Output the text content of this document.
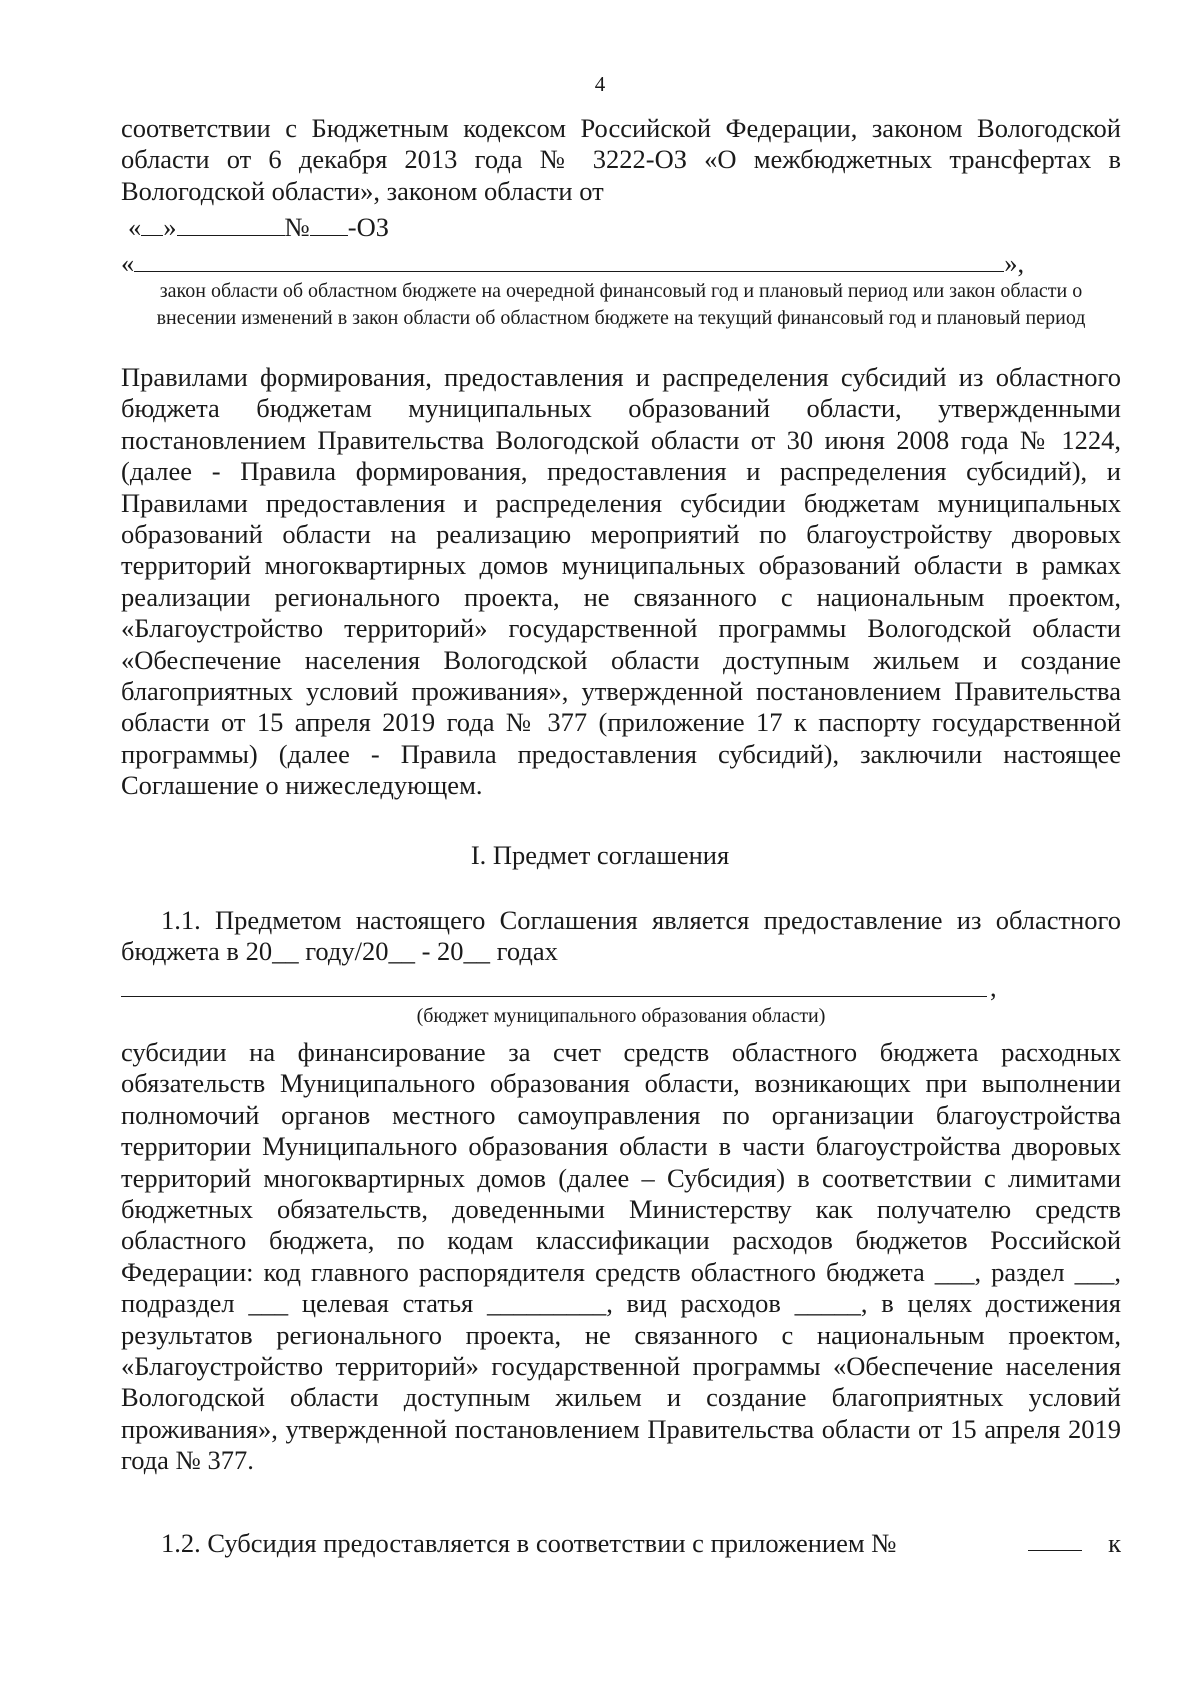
4

соответствии с Бюджетным кодексом Российской Федерации, законом Вологодской области от 6 декабря 2013 года № 3222-ОЗ «О межбюджетных трансфертах в Вологодской области», законом области от

« »	№ -ОЗ
«	»,

закон области об областном бюджете на очередной финансовый год и плановый период или закон области о внесении изменений в закон области об областном бюджете на текущий финансовый год и плановый период

Правилами формирования, предоставления и распределения субсидий из областного бюджета бюджетам муниципальных образований области, утвержденными постановлением Правительства Вологодской области от 30 июня 2008 года № 1224, (далее - Правила формирования, предоставления и распределения субсидий), и Правилами предоставления и распределения субсидии бюджетам муниципальных образований области на реализацию мероприятий по благоустройству дворовых территорий многоквартирных домов муниципальных образований области в рамках реализации регионального проекта, не связанного с национальным проектом, «Благоустройство территорий» государственной программы Вологодской области «Обеспечение населения Вологодской области доступным жильем и создание благоприятных условий проживания», утвержденной постановлением Правительства области от 15 апреля 2019 года № 377 (приложение 17 к паспорту государственной программы) (далее - Правила предоставления субсидий), заключили настоящее Соглашение о нижеследующем.

I. Предмет соглашения

1.1. Предметом настоящего Соглашения является предоставление из областного бюджета в 20__ году/20__ - 20__ годах

,

(бюджет муниципального образования области)

субсидии на финансирование за счет средств областного бюджета расходных обязательств Муниципального образования области, возникающих при выполнении полномочий органов местного самоуправления по организации благоустройства территории Муниципального образования области в части благоустройства дворовых территорий многоквартирных домов (далее – Субсидия) в соответствии с лимитами бюджетных обязательств, доведенными Министерству как получателю средств областного бюджета, по кодам классификации расходов бюджетов Российской Федерации: код главного распорядителя средств областного бюджета ___, раздел ___, подраздел ___ целевая статья _________, вид расходов _____, в целях достижения результатов регионального проекта, не связанного с национальным проектом, «Благоустройство территорий» государственной программы «Обеспечение населения Вологодской области доступным жильем и создание благоприятных условий проживания», утвержденной постановлением Правительства области от 15 апреля 2019 года № 377.

1.2. Субсидия предоставляется в соответствии с приложением №	к
